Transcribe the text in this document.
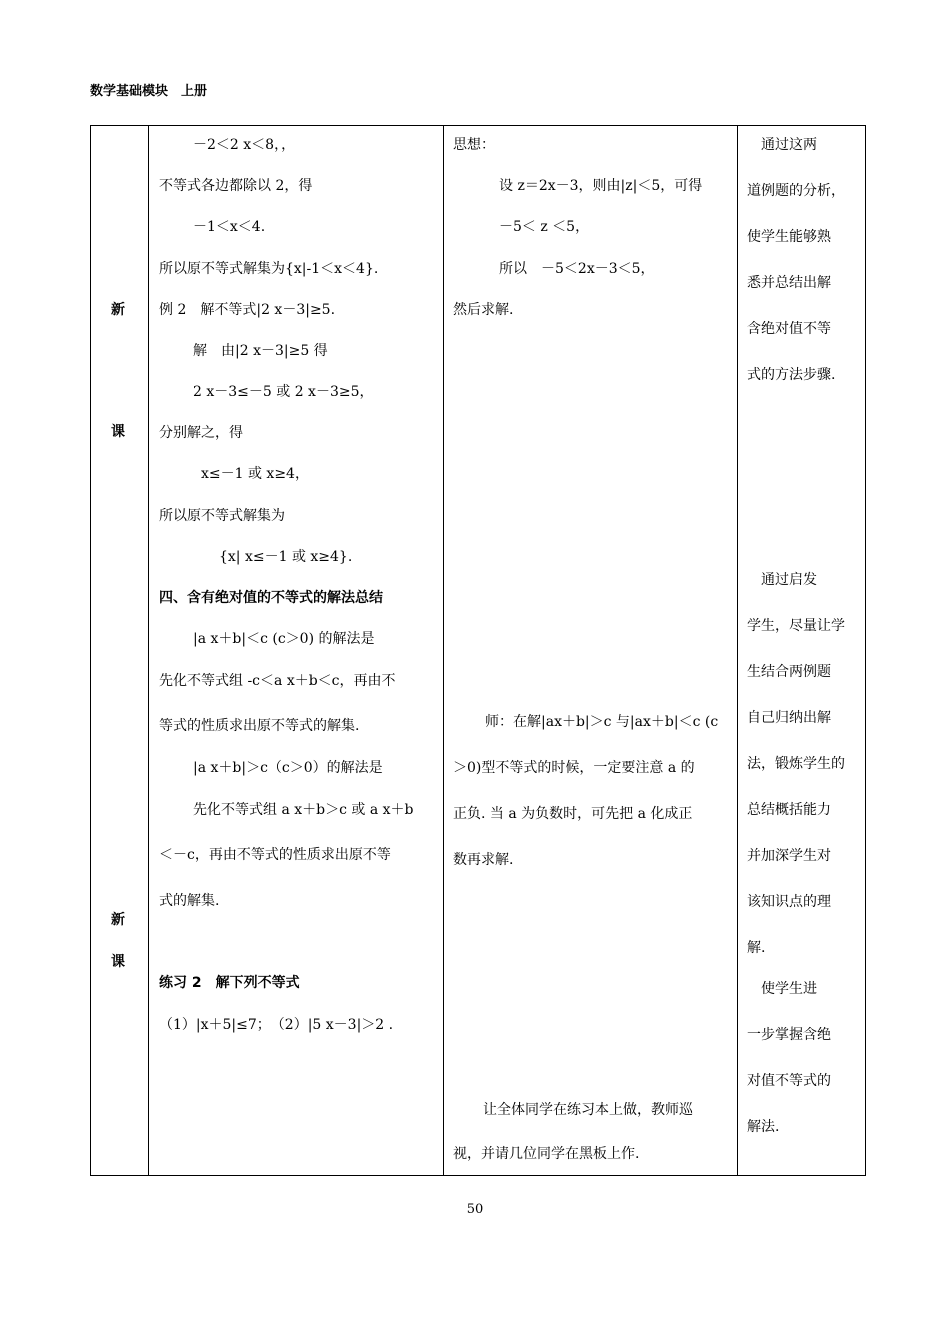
数学基础模块　上册
新
课
新
课
－2＜2 x＜8，，
不等式各边都除以 2，得
－1＜x＜4.
所以原不等式解集为{x|-1＜x＜4}.
例 2　解不等式|2 x－3|≥5.
解　由|2 x－3|≥5 得
2 x－3≤－5 或 2 x－3≥5，
分别解之，得
x≤－1 或 x≥4，
所以原不等式解集为
{x| x≤－1 或 x≥4}.
四、含有绝对值的不等式的解法总结
|a x＋b|＜c (c＞0) 的解法是
先化不等式组 -c＜a x＋b＜c，再由不
等式的性质求出原不等式的解集.
|a x＋b|＞c（c＞0）的解法是
先化不等式组 a x＋b＞c 或 a x＋b
＜－c，再由不等式的性质求出原不等
式的解集.
练习 2　解下列不等式
（1）|x＋5|≤7；　（2）|5 x－3|＞2 .
思想：
设 z＝2x－3，则由|z|＜5，可得
－5＜ z ＜5，
所以　－5＜2x－3＜5，
然后求解.
师：在解|ax＋b|＞c 与|ax＋b|＜c (c
＞0)型不等式的时候，一定要注意 a 的
正负. 当 a 为负数时，可先把 a 化成正
数再求解.
让全体同学在练习本上做，教师巡
视，并请几位同学在黑板上作.
　通过这两
道例题的分析，
使学生能够熟
悉并总结出解
含绝对值不等
式的方法步骤.
　通过启发
学生，尽量让学
生结合两例题
自己归纳出解
法，锻炼学生的
总结概括能力
并加深学生对
该知识点的理
解.
　使学生进
一步掌握含绝
对值不等式的
解法.
50
